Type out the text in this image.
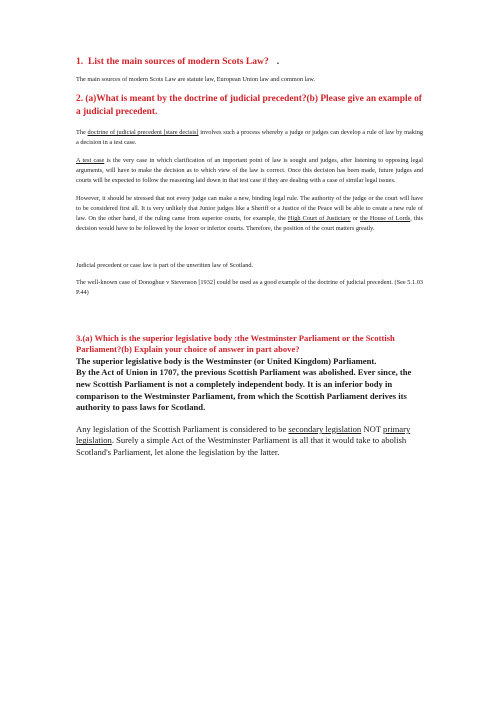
1.  List the main sources of modern Scots Law? .

The main sources of modern Scots Law are statute law, European Union law and common law.

2. (a)What is meant by the doctrine of judicial precedent?(b) Please give an example of a judicial precedent.

The doctrine of judicial precedent [stare decisis] involves such a process whereby a judge or judges can develop a rule of law by making a decision in a test case.

A test case is the very case in which clarification of an important point of law is sought and judges, after listening to opposing legal arguments, will have to make the decision as to which view of the law is correct. Once this decision has been made, future judges and courts will be expected to follow the reasoning laid down in that test case if they are dealing with a case of similar legal issues.

However, it should be stressed that not every judge can make a new, binding legal rule. The authority of the judge or the court will have to be considered first all. It is very unlikely that Junior judges like a Sheriff or a Justice of the Peace will be able to create a new rule of law. On the other hand, if the ruling came from superior courts, for example, the High Court of Justiciary or the House of Lords, this decision would have to be followed by the lower or inferior courts. Therefore, the position of the court matters greatly.

Judicial precedent or case law is part of the unwritten law of Scotland.

The well-known case of Donoghue v Stevenson [1932] could be used as a good example of the doctrine of judicial precedent. (See 5.1.03 P.44)

3.(a) Which is the superior legislative body :the Westminster Parliament or the Scottish Parliament?(b) Explain your choice of answer in part above?

The superior legislative body is the Westminster (or United Kingdom) Parliament.

By the Act of Union in 1707, the previous Scottish Parliament was abolished. Ever since, the new Scottish Parliament is not a completely independent body. It is an inferior body in comparison to the Westminster Parliament, from which the Scottish Parliament derives its authority to pass laws for Scotland.

Any legislation of the Scottish Parliament is considered to be secondary legislation NOT primary legislation. Surely a simple Act of the Westminster Parliament is all that it would take to abolish Scotland's Parliament, let alone the legislation by the latter.
